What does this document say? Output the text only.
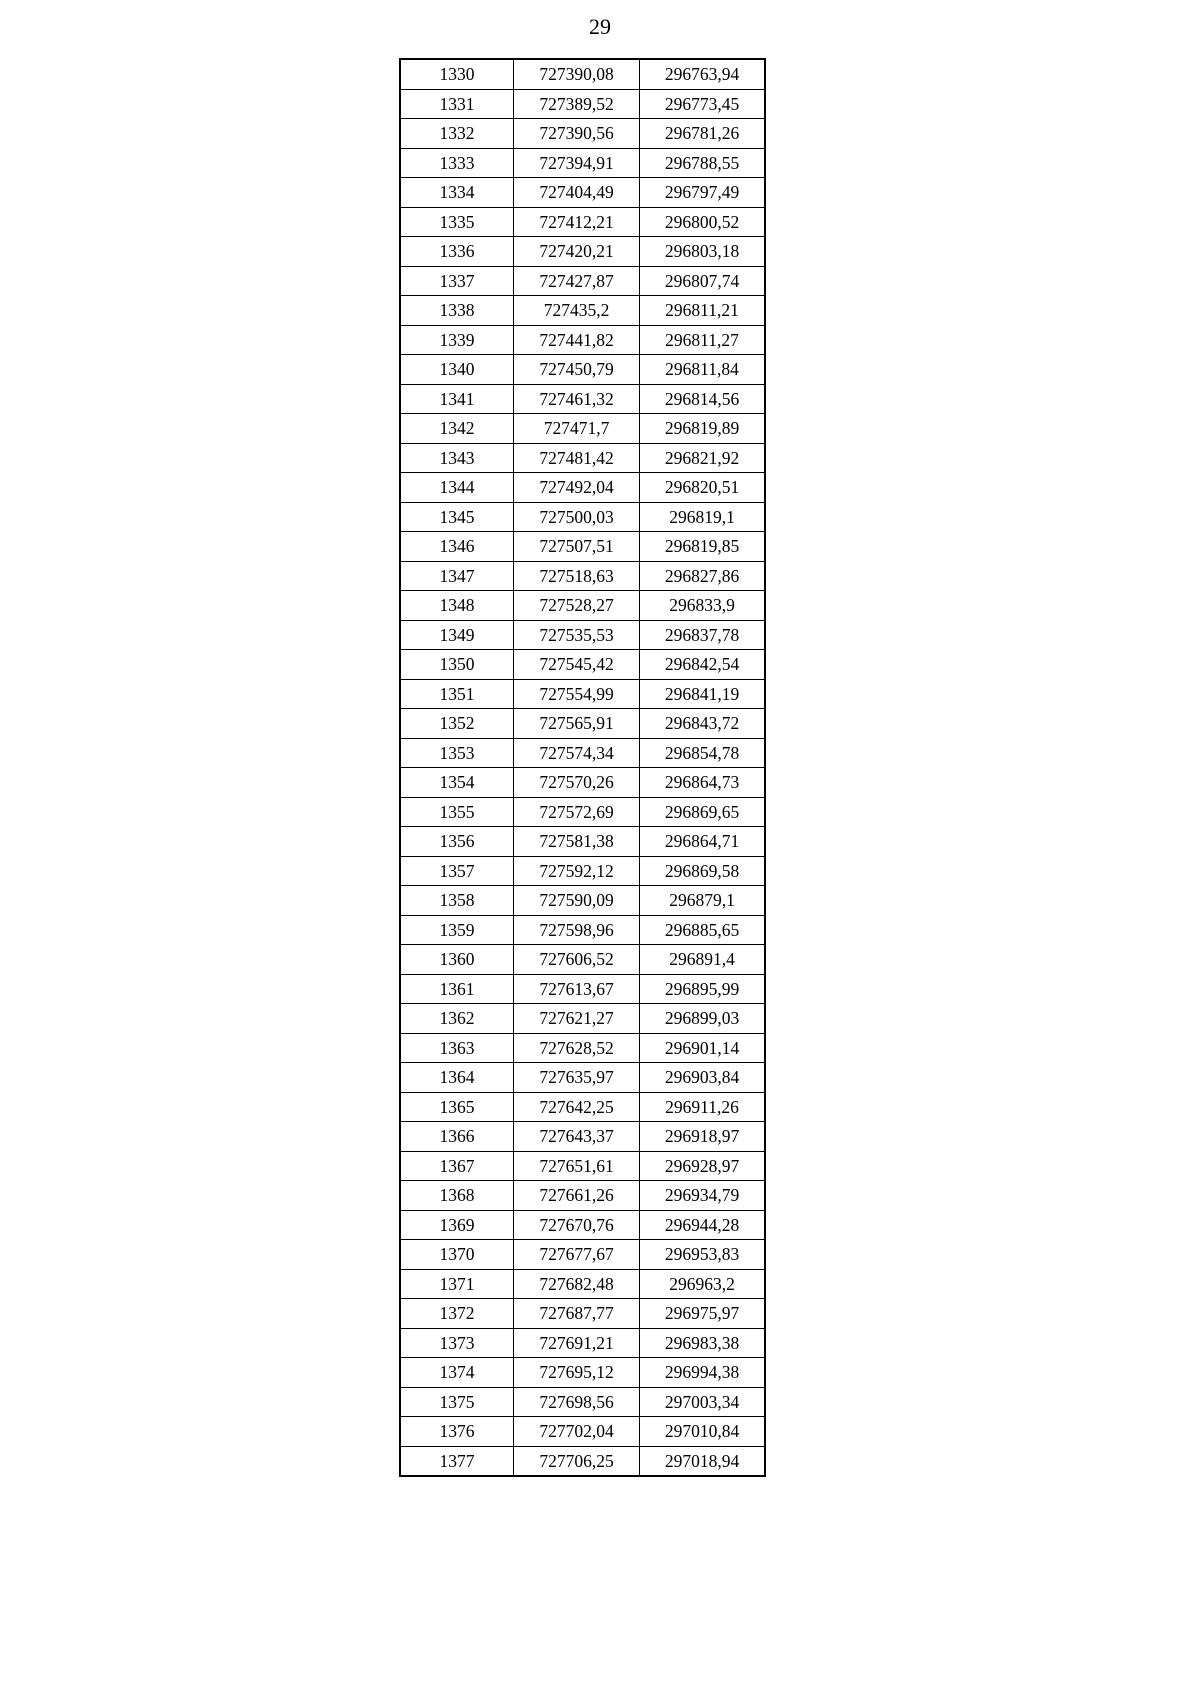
29
1330	727390,08	296763,94
1331	727389,52	296773,45
1332	727390,56	296781,26
1333	727394,91	296788,55
1334	727404,49	296797,49
1335	727412,21	296800,52
1336	727420,21	296803,18
1337	727427,87	296807,74
1338	727435,2	296811,21
1339	727441,82	296811,27
1340	727450,79	296811,84
1341	727461,32	296814,56
1342	727471,7	296819,89
1343	727481,42	296821,92
1344	727492,04	296820,51
1345	727500,03	296819,1
1346	727507,51	296819,85
1347	727518,63	296827,86
1348	727528,27	296833,9
1349	727535,53	296837,78
1350	727545,42	296842,54
1351	727554,99	296841,19
1352	727565,91	296843,72
1353	727574,34	296854,78
1354	727570,26	296864,73
1355	727572,69	296869,65
1356	727581,38	296864,71
1357	727592,12	296869,58
1358	727590,09	296879,1
1359	727598,96	296885,65
1360	727606,52	296891,4
1361	727613,67	296895,99
1362	727621,27	296899,03
1363	727628,52	296901,14
1364	727635,97	296903,84
1365	727642,25	296911,26
1366	727643,37	296918,97
1367	727651,61	296928,97
1368	727661,26	296934,79
1369	727670,76	296944,28
1370	727677,67	296953,83
1371	727682,48	296963,2
1372	727687,77	296975,97
1373	727691,21	296983,38
1374	727695,12	296994,38
1375	727698,56	297003,34
1376	727702,04	297010,84
1377	727706,25	297018,94
